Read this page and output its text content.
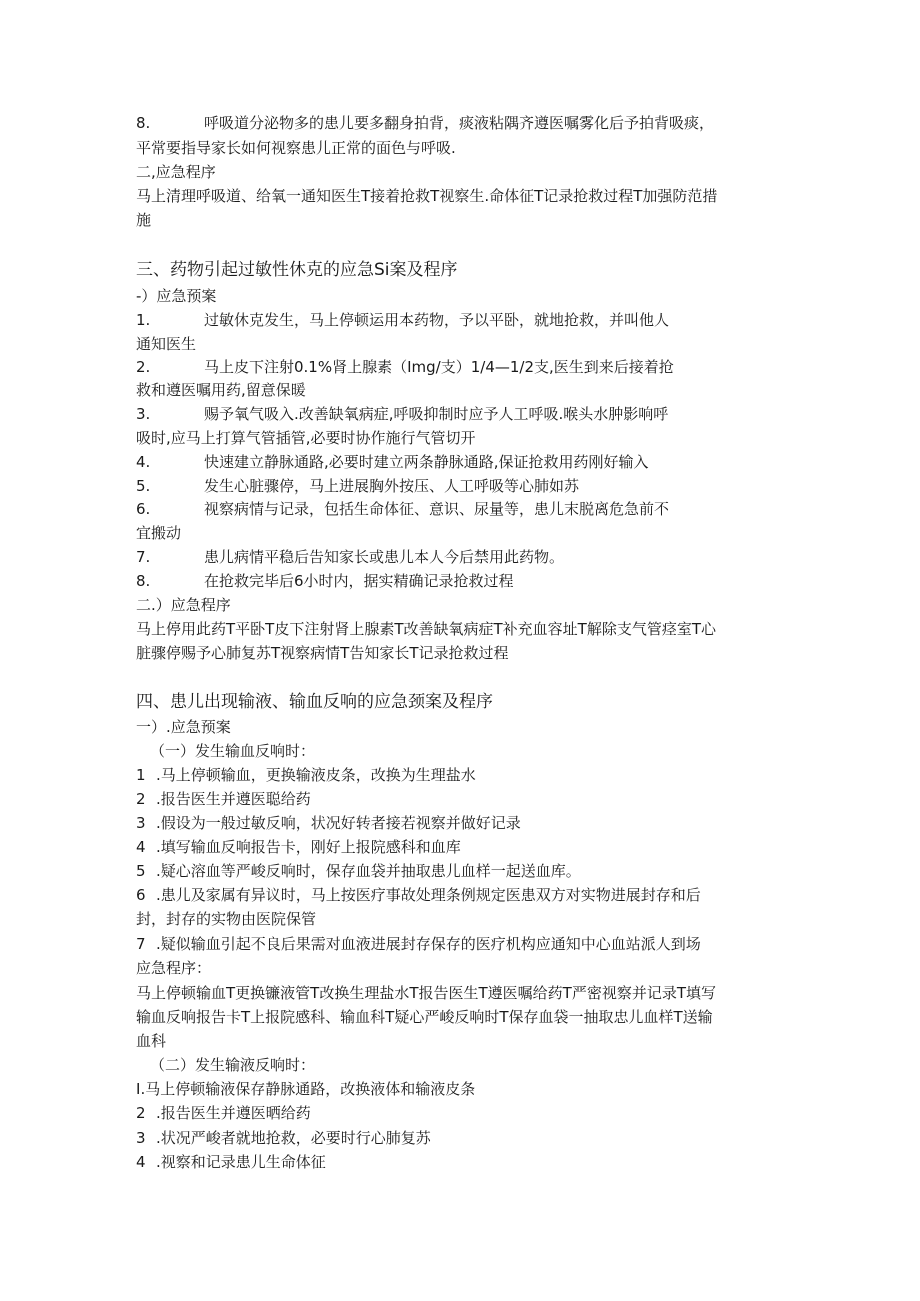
8.	呼吸道分泌物多的患儿要多翻身拍背，痰液粘隅齐遵医嘱雾化后予拍背吸痰，
平常要指导家长如何视察患儿正常的面色与呼吸.
二,应急程序
马上清理呼吸道、给氧一通知医生T接着抢救T视察生.命体征T记录抢救过程T加强防范措
施
三、药物引起过敏性休克的应急Si案及程序
-）应急预案
1.	过敏休克发生，马上停顿运用本药物，予以平卧，就地抢救，并叫他人
通知医生
2.	马上皮下注射0.1%肾上腺素（Img/支）1/4—1/2支,医生到来后接着抢
救和遵医嘱用药,留意保暖
3.	赐予氧气吸入.改善缺氧病症,呼吸抑制时应予人工呼吸.喉头水肿影响呼
吸时,应马上打算气管插管,必要时协作施行气管切开
4.	快速建立静脉通路,必要时建立两条静脉通路,保证抢救用药刚好输入
5.	发生心脏骤停，马上进展胸外按压、人工呼吸等心肺如苏
6.	视察病情与记录，包括生命体征、意识、尿量等，患儿末脱离危急前不
宜搬动
7.	患儿病情平稳后告知家长或患儿本人今后禁用此药物。
8.	在抢救完毕后6小时内，据实精确记录抢救过程
二.）应急程序
马上停用此药T平卧T皮下注射肾上腺素T改善缺氧病症T补充血容址T解除支气管痉室T心
脏骤停赐予心肺复苏T视察病情T告知家长T记录抢救过程
四、患儿出现输液、输血反响的应急颈案及程序
一）.应急预案
（一）发生输血反响时：
1 .马上停顿输血，更换输液皮条，改换为生理盐水
2 .报告医生并遵医聪给药
3 .假设为一般过敏反响，状况好转者接若视察并做好记录
4 .填写输血反响报告卡，刚好上报院感科和血库
5 .疑心溶血等严峻反响时，保存血袋并抽取患儿血样一起送血库。
6 .患儿及家属有异议时，马上按医疗事故处理条例规定医患双方对实物进展封存和后
封，封存的实物由医院保管
7 .疑似输血引起不良后果需对血液进展封存保存的医疗机构应通知中心血站派人到场
应急程序：
马上停顿输血T更换镰液管T改换生理盐水T报告医生T遵医嘱给药T严密视察并记录T填写
输血反响报告卡T上报院感科、输血科T疑心严峻反响时T保存血袋一抽取忠儿血样T送输
血科
（二）发生输液反响时：
I.马上停顿输液保存静脉通路，改换液体和输液皮条
2 .报告医生并遵医晒给药
3 .状况严峻者就地抢救，必要时行心肺复苏
4 .视察和记录患儿生命体征
